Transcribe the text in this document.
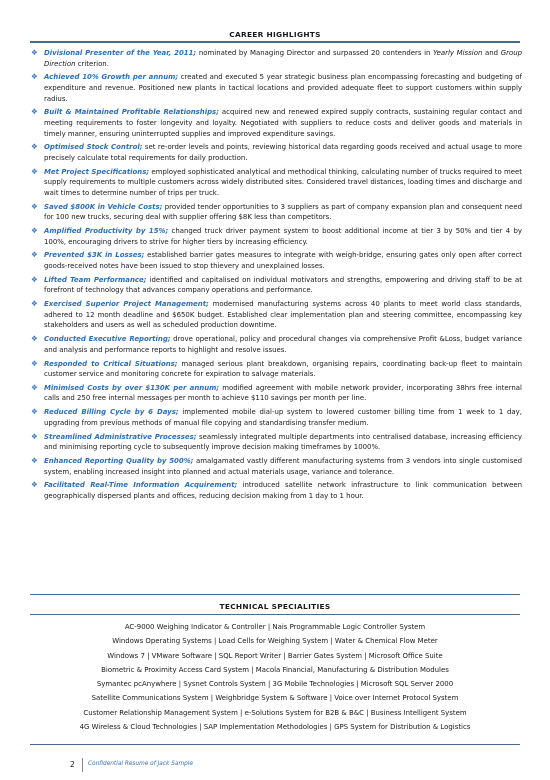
CAREER HIGHLIGHTS
❖ Divisional Presenter of the Year, 2011; nominated by Managing Director and surpassed 20 contenders in Yearly Mission and Group Direction criterion.
❖ Achieved 10% Growth per annum; created and executed 5 year strategic business plan encompassing forecasting and budgeting of expenditure and revenue. Positioned new plants in tactical locations and provided adequate fleet to support customers within supply radius.
❖ Built & Maintained Profitable Relationships; acquired new and renewed expired supply contracts, sustaining regular contact and meeting requirements to foster longevity and loyalty. Negotiated with suppliers to reduce costs and deliver goods and materials in timely manner, ensuring uninterrupted supplies and improved expenditure savings.
❖ Optimised Stock Control; set re-order levels and points, reviewing historical data regarding goods received and actual usage to more precisely calculate total requirements for daily production.
❖ Met Project Specifications; employed sophisticated analytical and methodical thinking, calculating number of trucks required to meet supply requirements to multiple customers across widely distributed sites. Considered travel distances, loading times and discharge and wait times to determine number of trips per truck.
❖ Saved $800K in Vehicle Costs; provided tender opportunities to 3 suppliers as part of company expansion plan and consequent need for 100 new trucks, securing deal with supplier offering $8K less than competitors.
❖ Amplified Productivity by 15%; changed truck driver payment system to boost additional income at tier 3 by 50% and tier 4 by 100%, encouraging drivers to strive for higher tiers by increasing efficiency.
❖ Prevented $3K in Losses; established barrier gates measures to integrate with weigh-bridge, ensuring gates only open after correct goods-received notes have been issued to stop thievery and unexplained losses.
❖ Lifted Team Performance; identified and capitalised on individual motivators and strengths, empowering and driving staff to be at forefront of technology that advances company operations and performance.
❖ Exercised Superior Project Management; modernised manufacturing systems across 40 plants to meet world class standards, adhered to 12 month deadline and $650K budget. Established clear implementation plan and steering committee, encompassing key stakeholders and users as well as scheduled production downtime.
❖ Conducted Executive Reporting; drove operational, policy and procedural changes via comprehensive Profit &Loss, budget variance and analysis and performance reports to highlight and resolve issues.
❖ Responded to Critical Situations; managed serious plant breakdown, organising repairs, coordinating back-up fleet to maintain customer service and monitoring concrete for expiration to salvage materials.
❖ Minimised Costs by over $130K per annum; modified agreement with mobile network provider, incorporating 38hrs free internal calls and 250 free internal messages per month to achieve $110 savings per month per line.
❖ Reduced Billing Cycle by 6 Days; implemented mobile dial-up system to lowered customer billing time from 1 week to 1 day, upgrading from previous methods of manual file copying and standardising transfer medium.
❖ Streamlined Administrative Processes; seamlessly integrated multiple departments into centralised database, increasing efficiency and minimising reporting cycle to subsequently improve decision making timeframes by 1000%.
❖ Enhanced Reporting Quality by 500%; amalgamated vastly different manufacturing systems from 3 vendors into single customised system, enabling increased insight into planned and actual materials usage, variance and tolerance.
❖ Facilitated Real-Time Information Acquirement; introduced satellite network infrastructure to link communication between geographically dispersed plants and offices, reducing decision making from 1 day to 1 hour.
TECHNICAL SPECIALITIES
AC-9000 Weighing Indicator & Controller | Nais Programmable Logic Controller System
Windows Operating Systems | Load Cells for Weighing System | Water & Chemical Flow Meter
Windows 7 | VMware Software | SQL Report Writer | Barrier Gates System | Microsoft Office Suite
Biometric & Proximity Access Card System | Macola Financial, Manufacturing & Distribution Modules
Symantec pcAnywhere | Sysnet Controls System | 3G Mobile Technologies | Microsoft SQL Server 2000
Satellite Communications System | Weighbridge System & Software | Voice over Internet Protocol System
Customer Relationship Management System | e-Solutions System for B2B & B&C | Business Intelligent System
4G Wireless & Cloud Technologies | SAP Implementation Methodologies | GPS System for Distribution & Logistics
2 Confidential Resume of Jack Sample
